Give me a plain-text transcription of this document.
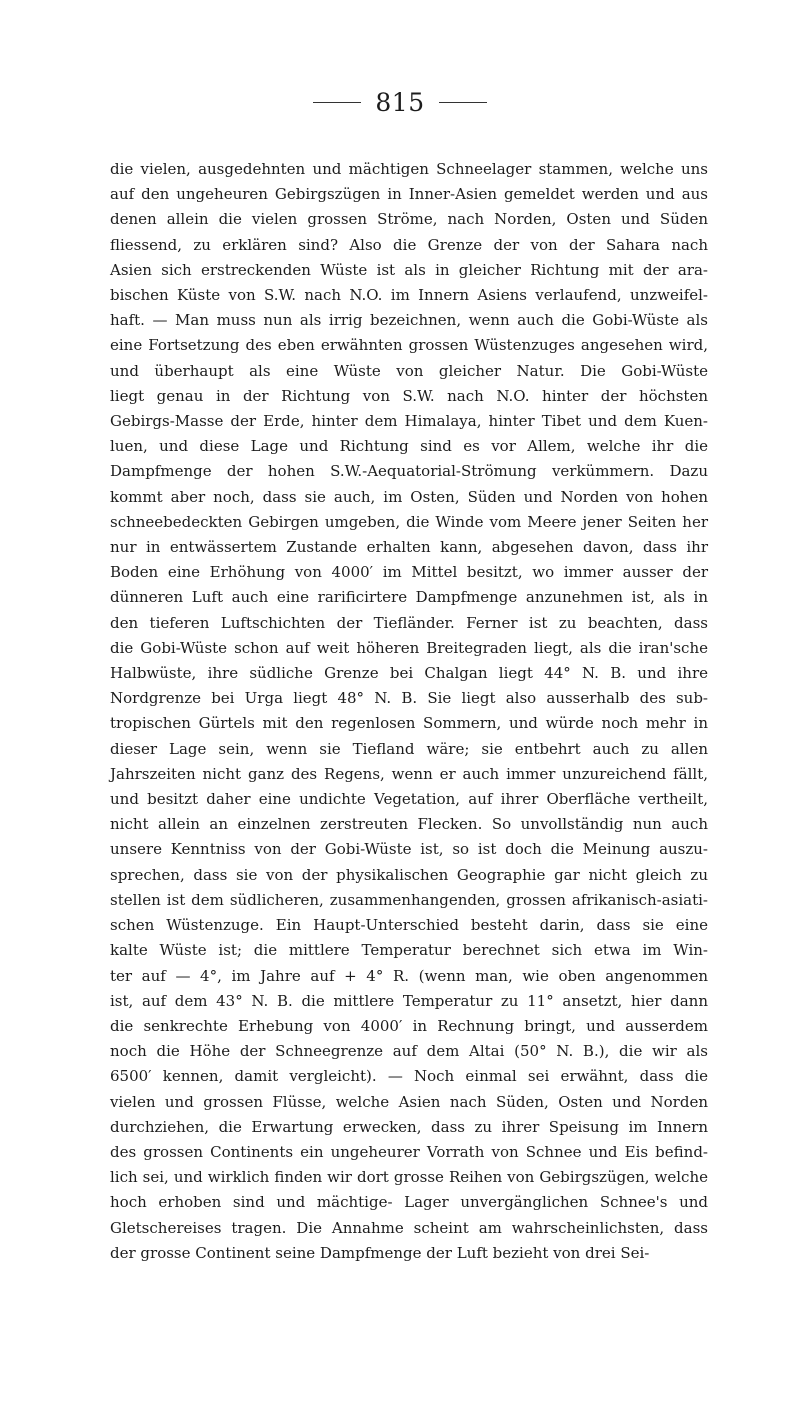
815
die vielen, ausgedehnten und mächtigen Schneelager stammen, welche uns
auf den ungeheuren Gebirgszügen in Inner-Asien gemeldet werden und aus
denen allein die vielen grossen Ströme, nach Norden, Osten und Süden
fliessend, zu erklären sind? Also die Grenze der von der Sahara nach
Asien sich erstreckenden Wüste ist als in gleicher Richtung mit der ara-
bischen Küste von S.W. nach N.O. im Innern Asiens verlaufend, unzweifel-
haft. — Man muss nun als irrig bezeichnen, wenn auch die Gobi-Wüste als
eine Fortsetzung des eben erwähnten grossen Wüstenzuges angesehen wird,
und überhaupt als eine Wüste von gleicher Natur. Die Gobi-Wüste
liegt genau in der Richtung von S.W. nach N.O. hinter der höchsten
Gebirgs-Masse der Erde, hinter dem Himalaya, hinter Tibet und dem Kuen-
luen, und diese Lage und Richtung sind es vor Allem, welche ihr die
Dampfmenge der hohen S.W.-Aequatorial-Strömung verkümmern. Dazu
kommt aber noch, dass sie auch, im Osten, Süden und Norden von hohen
schneebedeckten Gebirgen umgeben, die Winde vom Meere jener Seiten her
nur in entwässertem Zustande erhalten kann, abgesehen davon, dass ihr
Boden eine Erhöhung von 4000′ im Mittel besitzt, wo immer ausser der
dünneren Luft auch eine rarificirtere Dampfmenge anzunehmen ist, als in
den tieferen Luftschichten der Tiefländer. Ferner ist zu beachten, dass
die Gobi-Wüste schon auf weit höheren Breitegraden liegt, als die iran'sche
Halbwüste, ihre südliche Grenze bei Chalgan liegt 44° N. B. und ihre
Nordgrenze bei Urga liegt 48° N. B. Sie liegt also ausserhalb des sub-
tropischen Gürtels mit den regenlosen Sommern, und würde noch mehr in
dieser Lage sein, wenn sie Tiefland wäre; sie entbehrt auch zu allen
Jahrszeiten nicht ganz des Regens, wenn er auch immer unzureichend fällt,
und besitzt daher eine undichte Vegetation, auf ihrer Oberfläche vertheilt,
nicht allein an einzelnen zerstreuten Flecken. So unvollständig nun auch
unsere Kenntniss von der Gobi-Wüste ist, so ist doch die Meinung auszu-
sprechen, dass sie von der physikalischen Geographie gar nicht gleich zu
stellen ist dem südlicheren, zusammenhangenden, grossen afrikanisch-asiati-
schen Wüstenzuge. Ein Haupt-Unterschied besteht darin, dass sie eine
kalte Wüste ist; die mittlere Temperatur berechnet sich etwa im Win-
ter auf — 4°, im Jahre auf + 4° R. (wenn man, wie oben angenommen
ist, auf dem 43° N. B. die mittlere Temperatur zu 11° ansetzt, hier dann
die senkrechte Erhebung von 4000′ in Rechnung bringt, und ausserdem
noch die Höhe der Schneegrenze auf dem Altai (50° N. B.), die wir als
6500′ kennen, damit vergleicht). — Noch einmal sei erwähnt, dass die
vielen und grossen Flüsse, welche Asien nach Süden, Osten und Norden
durchziehen, die Erwartung erwecken, dass zu ihrer Speisung im Innern
des grossen Continents ein ungeheurer Vorrath von Schnee und Eis befind-
lich sei, und wirklich finden wir dort grosse Reihen von Gebirgszügen, welche
hoch erhoben sind und mächtige- Lager unvergänglichen Schnee's und
Gletschereises tragen. Die Annahme scheint am wahrscheinlichsten, dass
der grosse Continent seine Dampfmenge der Luft bezieht von drei Sei-
